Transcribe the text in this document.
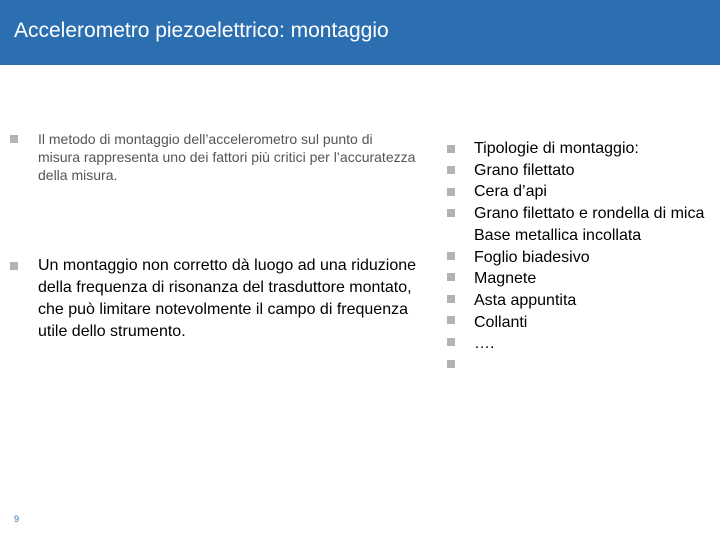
Accelerometro piezoelettrico: montaggio

Il metodo di montaggio dell’accelerometro sul punto di misura rappresenta uno dei fattori più critici per l’accuratezza della misura.

Un montaggio non corretto dà luogo ad una riduzione della frequenza di risonanza del trasduttore montato, che può limitare notevolmente il campo di frequenza utile dello strumento.

Tipologie di montaggio:
Grano filettato
Cera d’api
Grano filettato e rondella di mica
Base metallica incollata
Foglio biadesivo
Magnete
Asta appuntita
Collanti
….
9
